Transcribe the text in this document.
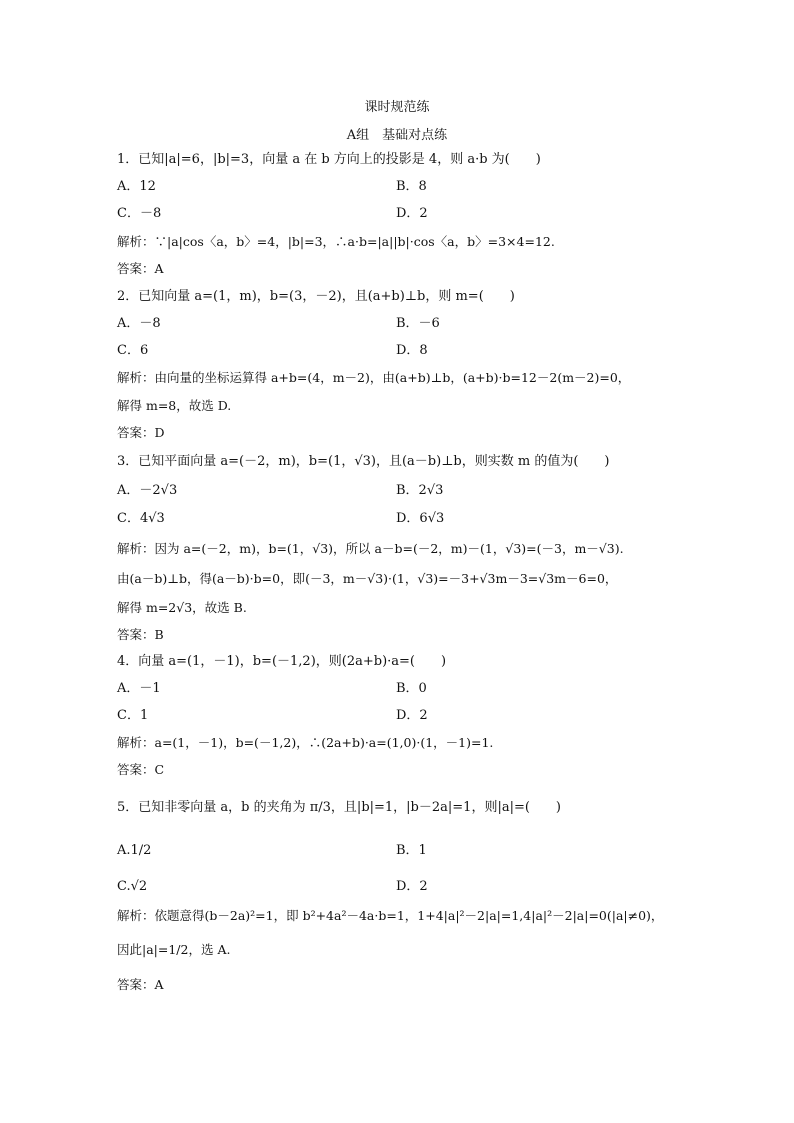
课时规范练
A组　基础对点练
1．已知|a|=6，|b|=3，向量 a 在 b 方向上的投影是 4，则 a·b 为(　　)
A．12	B．8
C．－8	D．2
解析：∵|a|cos〈a，b〉=4，|b|=3，∴a·b=|a||b|·cos〈a，b〉=3×4=12.
答案：A
2．已知向量 a=(1，m)，b=(3，－2)，且(a+b)⊥b，则 m=(　　)
A．－8	B．－6
C．6	D．8
解析：由向量的坐标运算得 a+b=(4，m－2)，由(a+b)⊥b，(a+b)·b=12－2(m－2)=0，
解得 m=8，故选 D.
答案：D
3．已知平面向量 a=(－2，m)，b=(1，√3)，且(a－b)⊥b，则实数 m 的值为(　　)
A．－2√3	B．2√3
C．4√3	D．6√3
解析：因为 a=(－2，m)，b=(1，√3)，所以 a－b=(－2，m)－(1，√3)=(－3，m－√3).
由(a－b)⊥b，得(a－b)·b=0，即(－3，m－√3)·(1，√3)=－3+√3m－3=√3m－6=0，
解得 m=2√3，故选 B.
答案：B
4．向量 a=(1，－1)，b=(－1,2)，则(2a+b)·a=(　　)
A．－1	B．0
C．1	D．2
解析：a=(1，－1)，b=(－1,2)，∴(2a+b)·a=(1,0)·(1，－1)=1.
答案：C
5．已知非零向量 a，b 的夹角为 π/3，且|b|=1，|b－2a|=1，则|a|=(　　)
A.1/2	B．1
C.√2	D．2
解析：依题意得(b－2a)²=1，即 b²+4a²－4a·b=1，1+4|a|²－2|a|=1,4|a|²－2|a|=0(|a|≠0)，
因此|a|=1/2，选 A.
答案：A
